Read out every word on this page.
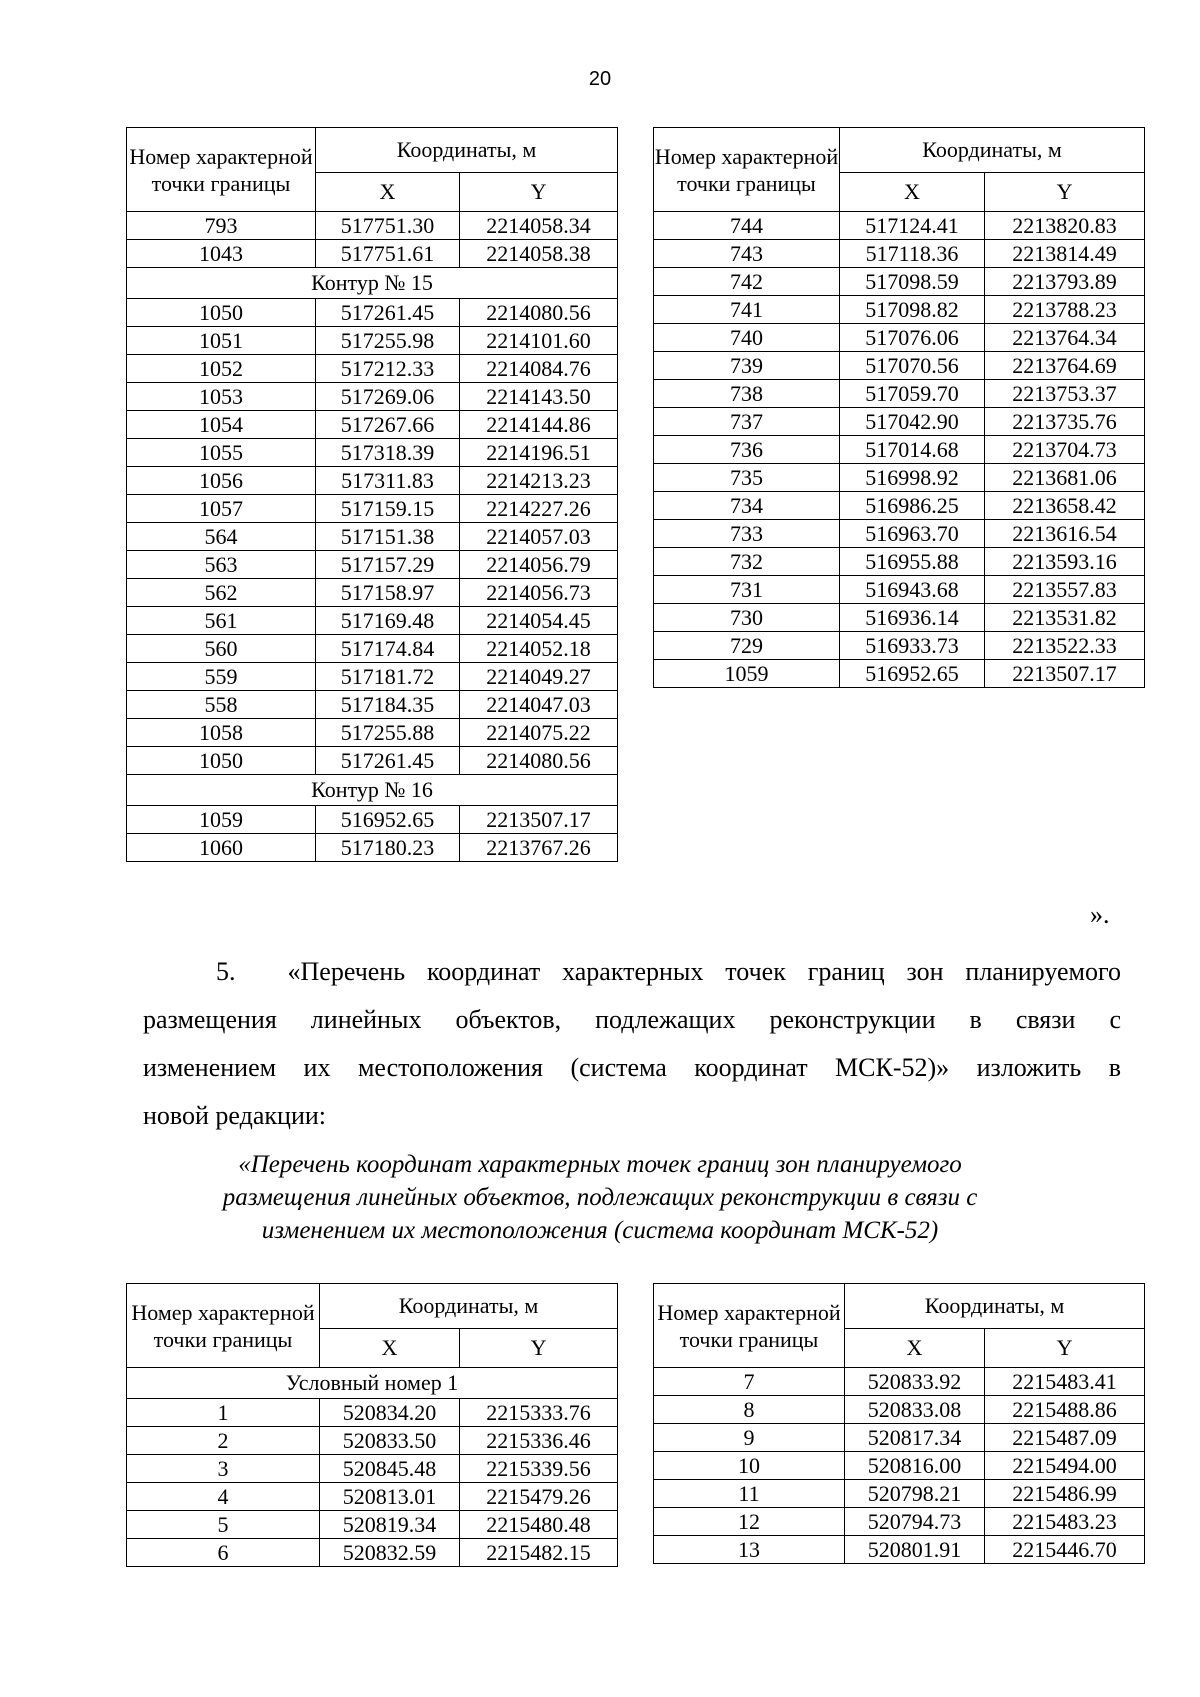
20
Номер характерной точки границы	Координаты, м	
	X	Y
793	517751.30	2214058.34
1043	517751.61	2214058.38
Контур № 15		
1050	517261.45	2214080.56
1051	517255.98	2214101.60
1052	517212.33	2214084.76
1053	517269.06	2214143.50
1054	517267.66	2214144.86
1055	517318.39	2214196.51
1056	517311.83	2214213.23
1057	517159.15	2214227.26
564	517151.38	2214057.03
563	517157.29	2214056.79
562	517158.97	2214056.73
561	517169.48	2214054.45
560	517174.84	2214052.18
559	517181.72	2214049.27
558	517184.35	2214047.03
1058	517255.88	2214075.22
1050	517261.45	2214080.56
Контур № 16		
1059	516952.65	2213507.17
1060	517180.23	2213767.26
Номер характерной точки границы	Координаты, м	
	X	Y
744	517124.41	2213820.83
743	517118.36	2213814.49
742	517098.59	2213793.89
741	517098.82	2213788.23
740	517076.06	2213764.34
739	517070.56	2213764.69
738	517059.70	2213753.37
737	517042.90	2213735.76
736	517014.68	2213704.73
735	516998.92	2213681.06
734	516986.25	2213658.42
733	516963.70	2213616.54
732	516955.88	2213593.16
731	516943.68	2213557.83
730	516936.14	2213531.82
729	516933.73	2213522.33
1059	516952.65	2213507.17
».
5.  «Перечень координат характерных точек границ зон планируемого
размещения линейных объектов, подлежащих реконструкции в связи с
изменением их местоположения (система координат МСК-52)» изложить в
новой редакции:
«Перечень координат характерных точек границ зон планируемого
размещения линейных объектов, подлежащих реконструкции в связи с
изменением их местоположения (система координат МСК-52)
Номер характерной точки границы	Координаты, м	
	X	Y
Условный номер 1		
1	520834.20	2215333.76
2	520833.50	2215336.46
3	520845.48	2215339.56
4	520813.01	2215479.26
5	520819.34	2215480.48
6	520832.59	2215482.15
Номер характерной точки границы	Координаты, м	
	X	Y
7	520833.92	2215483.41
8	520833.08	2215488.86
9	520817.34	2215487.09
10	520816.00	2215494.00
11	520798.21	2215486.99
12	520794.73	2215483.23
13	520801.91	2215446.70
